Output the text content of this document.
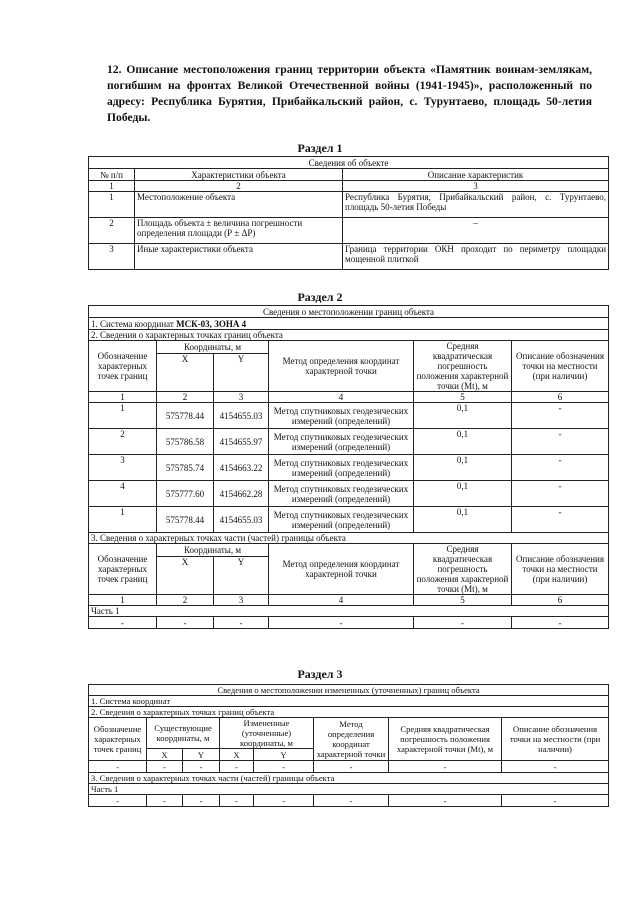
12. Описание местоположения границ территории объекта «Памятник воинам-землякам, погибшим на фронтах Великой Отечественной войны (1941-1945)», расположенный по адресу: Республика Бурятия, Прибайкальский район, с. Турунтаево, площадь 50-летия Победы.
Раздел 1
Сведения об объекте		
№ п/п	Характеристики объекта	Описание характеристик
1	2	3
1	Местоположение объекта	Республика Бурятия, Прибайкальский район, с. Турунтаево, площадь 50-летия Победы
2	Площадь объекта ± величина погрешности определения площади (Р ± ΔР)	–
3	Иные характеристики объекта	Граница территории ОКН проходит по периметру площадки мощенной плиткой
Раздел 2
Сведения о местоположении границ объекта					
1. Система координат МСК-03, ЗОНА 4					
2. Сведения о характерных точках границ объекта					
Обозначение характерных точек границ	Координаты, м		Метод определения координат характерной точки	Средняя квадратическая погрешность положения характерной точки (Mt), м	Описание обозначения точки на местности (при наличии)
	X	Y			
1	2	3	4	5	6
1	575778.44	4154655.03	Метод спутниковых геодезических измерений (определений)	0,1	-
2	575786.58	4154655.97	Метод спутниковых геодезических измерений (определений)	0,1	-
3	575785.74	4154663.22	Метод спутниковых геодезических измерений (определений)	0,1	-
4	575777.60	4154662.28	Метод спутниковых геодезических измерений (определений)	0,1	-
1	575778.44	4154655.03	Метод спутниковых геодезических измерений (определений)	0,1	-
3. Сведения о характерных точках части (частей) границы объекта					
Обозначение характерных точек границ	Координаты, м		Метод определения координат характерной точки	Средняя квадратическая погрешность положения характерной точки (Mt), м	Описание обозначения точки на местности (при наличии)
	X	Y			
1	2	3	4	5	6
Часть 1					
-	-	-	-	-	-
Раздел 3
Сведения о местоположении измененных (уточненных) границ объекта							
1. Система координат							
2. Сведения о характерных точках границ объекта							
Обозначение характерных точек границ	Существующие координаты, м		Измененные (уточненные) координаты, м		Метод определения координат характерной точки	Средняя квадратическая погрешность положения характерной точки (Mt), м	Описание обозначения точки на местности (при наличии)
	X	Y	X	Y			
-	-	-	-	-	-	-	-
3. Сведения о характерных точках части (частей) границы объекта							
Часть 1							
-	-	-	-	-	-	-	-
